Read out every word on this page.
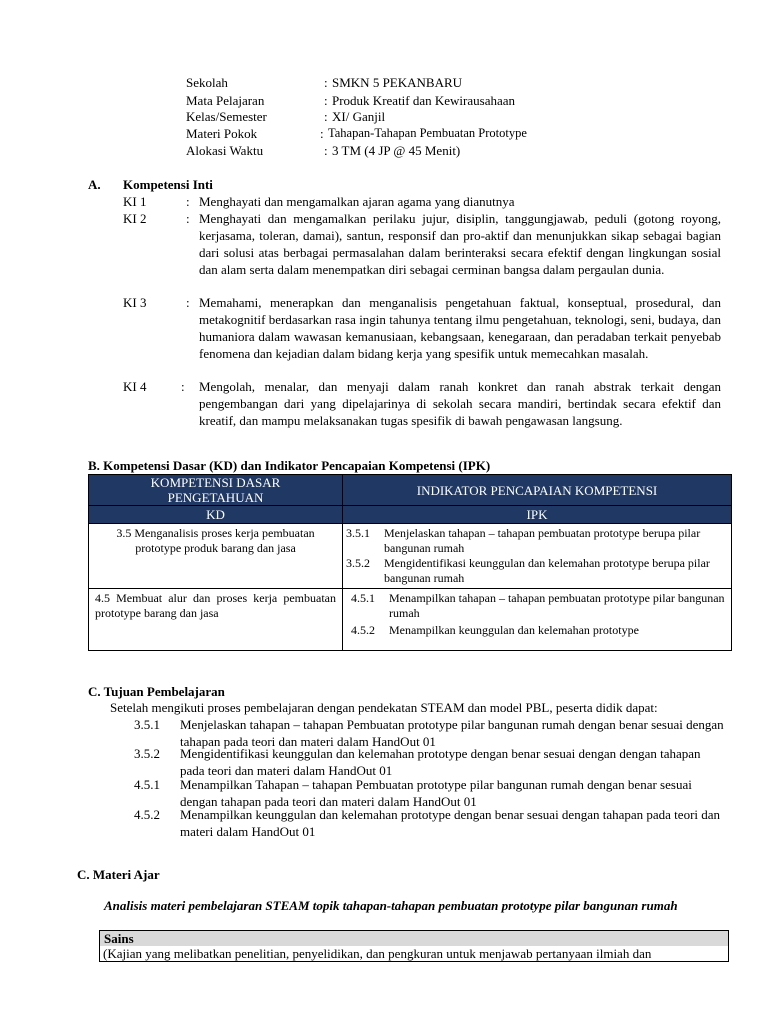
Sekolah	: SMKN 5 PEKANBARU
Mata Pelajaran	: Produk Kreatif dan Kewirausahaan
Kelas/Semester	: XI/ Ganjil
Materi Pokok	: Tahapan-Tahapan Pembuatan Prototype
Alokasi Waktu	: 3 TM (4 JP @ 45 Menit)
A. Kompetensi Inti
KI 1	: Menghayati dan mengamalkan ajaran agama yang dianutnya
KI 2	: Menghayati dan mengamalkan perilaku jujur, disiplin, tanggungjawab, peduli (gotong royong, kerjasama, toleran, damai), santun, responsif dan pro-aktif dan menunjukkan sikap sebagai bagian dari solusi atas berbagai permasalahan dalam berinteraksi secara efektif dengan lingkungan sosial dan alam serta dalam menempatkan diri sebagai cerminan bangsa dalam pergaulan dunia.
KI 3	: Memahami, menerapkan dan menganalisis pengetahuan faktual, konseptual, prosedural, dan metakognitif berdasarkan rasa ingin tahunya tentang ilmu pengetahuan, teknologi, seni, budaya, dan humaniora dalam wawasan kemanusiaan, kebangsaan, kenegaraan, dan peradaban terkait penyebab fenomena dan kejadian dalam bidang kerja yang spesifik untuk memecahkan masalah.
KI 4	: Mengolah, menalar, dan menyaji dalam ranah konkret dan ranah abstrak terkait dengan pengembangan dari yang dipelajarinya di sekolah secara mandiri, bertindak secara efektif dan kreatif, dan mampu melaksanakan tugas spesifik di bawah pengawasan langsung.
B. Kompetensi Dasar (KD) dan Indikator Pencapaian Kompetensi (IPK)
KOMPETENSI DASAR PENGETAHUAN	INDIKATOR PENCAPAIAN KOMPETENSI
KD	IPK

3.5 Menganalisis proses kerja pembuatan prototype produk barang dan jasa	3.5.1 Menjelaskan tahapan – tahapan pembuatan prototype berupa pilar bangunan rumah
3.5.2 Mengidentifikasi keunggulan dan kelemahan prototype berupa pilar bangunan rumah

4.5 Membuat alur dan proses kerja pembuatan prototype barang dan jasa	4.5.1 Menampilkan tahapan – tahapan pembuatan prototype pilar bangunan rumah
4.5.2 Menampilkan keunggulan dan kelemahan prototype
C. Tujuan Pembelajaran
Setelah mengikuti proses pembelajaran dengan pendekatan STEAM dan model PBL, peserta didik dapat:
3.5.1 Menjelaskan tahapan – tahapan Pembuatan prototype pilar bangunan rumah dengan benar sesuai dengan tahapan pada teori dan materi dalam HandOut 01
3.5.2 Mengidentifikasi keunggulan dan kelemahan prototype dengan benar sesuai dengan dengan tahapan pada teori dan materi dalam HandOut 01
4.5.1 Menampilkan Tahapan – tahapan Pembuatan prototype pilar bangunan rumah dengan benar sesuai dengan tahapan pada teori dan materi dalam HandOut 01
4.5.2 Menampilkan keunggulan dan kelemahan prototype dengan benar sesuai dengan tahapan pada teori dan materi dalam HandOut 01
C. Materi Ajar
Analisis materi pembelajaran STEAM topik tahapan-tahapan pembuatan prototype pilar bangunan rumah
Sains
(Kajian yang melibatkan penelitian, penyelidikan, dan pengkuran untuk menjawab pertanyaan ilmiah dan
